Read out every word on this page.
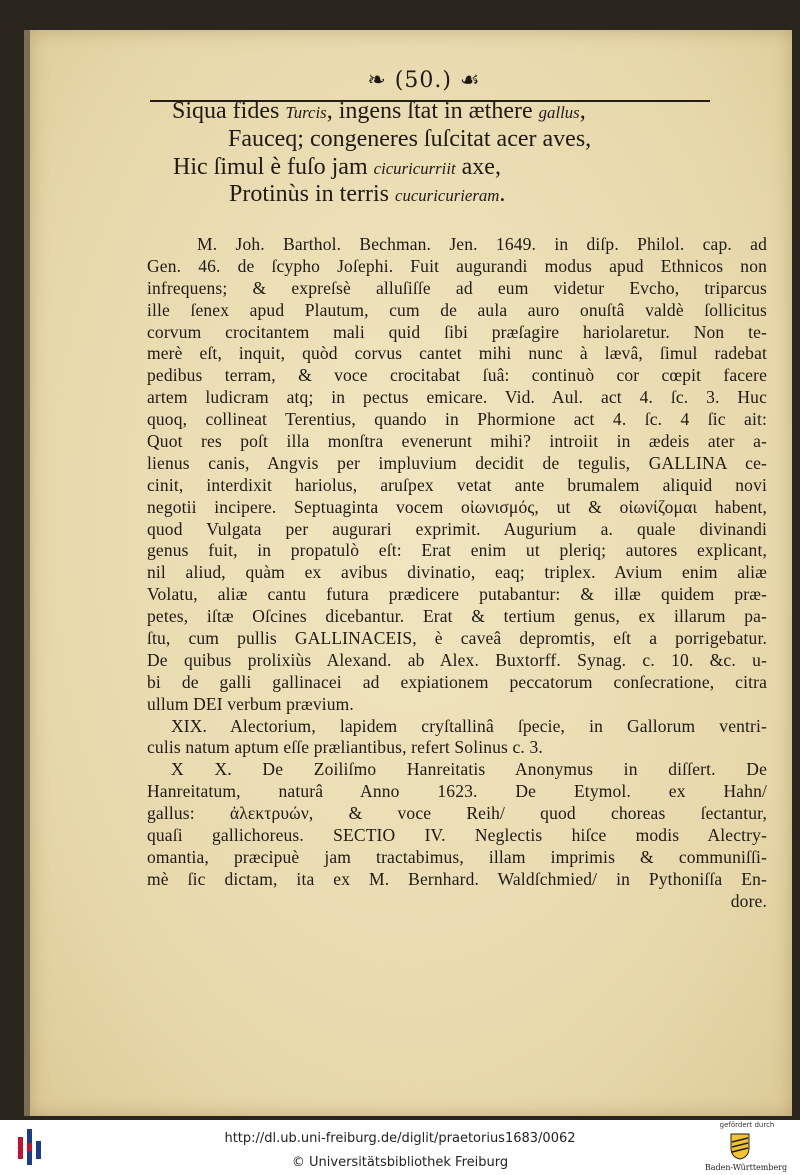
❧ (50.) ☙
Siqua fides Turcis, ingens ſtat in æthere gallus,
Fauceq; congeneres ſuſcitat acer aves,
Hic ſimul è fuſo jam cicuricurriit axe,
Protinùs in terris cucuricurieram.
M. Joh. Barthol. Bechman. Jen. 1649. in diſp. Philol. cap. ad
Gen. 46. de ſcypho Joſephi. Fuit augurandi modus apud Ethnicos non
infrequens; & expreſsè alluſiſſe ad eum videtur Evcho, triparcus
ille ſenex apud Plautum, cum de aula auro onuſtâ valdè ſollicitus
corvum crocitantem mali quid ſibi præſagire hariolaretur. Non te-
merè eſt, inquit, quòd corvus cantet mihi nunc à lævâ, ſimul radebat
pedibus terram, & voce crocitabat ſuâ: continuò cor cœpit facere
artem ludicram atq; in pectus emicare. Vid. Aul. act 4. ſc. 3. Huc
quoq, collineat Terentius, quando in Phormione act 4. ſc. 4 ſic ait:
Quot res poſt illa monſtra evenerunt mihi? introiit in ædeis ater a-
lienus canis, Angvis per impluvium decidit de tegulis, GALLINA ce-
cinit, interdixit hariolus, aruſpex vetat ante brumalem aliquid novi
negotii incipere. Septuaginta vocem οἰωνισμός, ut & οἰωνίζομαι habent,
quod Vulgata per augurari exprimit. Augurium a. quale divinandi
genus fuit, in propatulò eſt: Erat enim ut pleriq; autores explicant,
nil aliud, quàm ex avibus divinatio, eaq; triplex. Avium enim aliæ
Volatu, aliæ cantu futura prædicere putabantur: & illæ quidem præ-
petes, iſtæ Oſcines dicebantur. Erat & tertium genus, ex illarum pa-
ſtu, cum pullis GALLINACEIS, è caveâ depromtis, eſt a porrigebatur.
De quibus prolixiùs Alexand. ab Alex. Buxtorff. Synag. c. 10. &c. u-
bi de galli gallinacei ad expiationem peccatorum conſecratione, citra
ullum DEI verbum prævium.
XIX. Alectorium, lapidem cryſtallinâ ſpecie, in Gallorum ventri-
culis natum aptum eſſe præliantibus, refert Solinus c. 3.
X X. De Zoiliſmo Hanreitatis Anonymus in diſſert. De
Hanreitatum, naturâ Anno 1623. De Etymol. ex Hahn/
gallus: ἀλεκτρυών, & voce Reih/ quod choreas ſectantur,
quaſi gallichoreus. SECTIO IV. Neglectis hiſce modis Alectry-
omantia, præcipuè jam tractabimus, illam imprimis & communiſſi-
mè ſic dictam, ita ex M. Bernhard. Waldſchmied/ in Pythoniſſa En-
dore.
http://dl.ub.uni-freiburg.de/diglit/praetorius1683/0062
© Universitätsbibliothek Freiburg
gefördert durch
Baden-Württemberg
